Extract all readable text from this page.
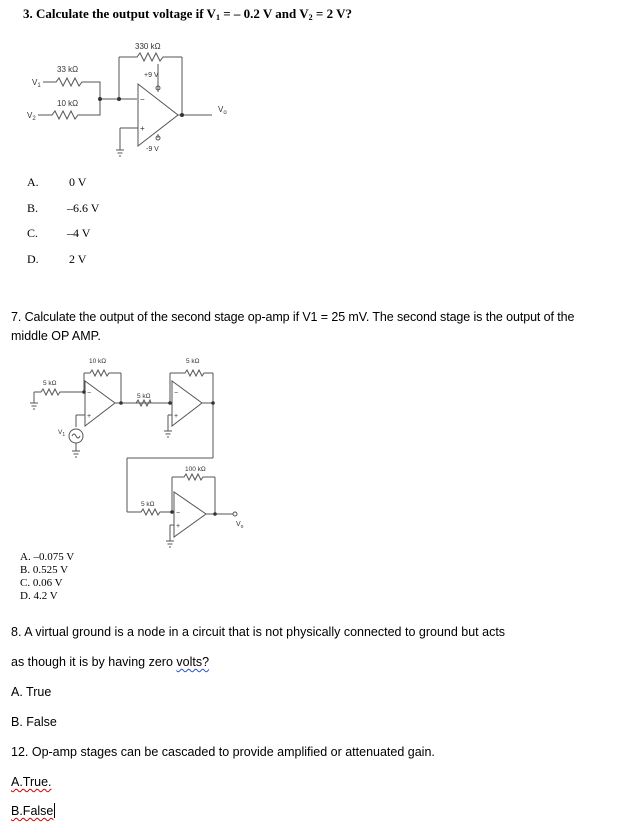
3. Calculate the output voltage if $V_1$ = – 0.2 V and $V_2 = 2$ V?
330 kΩ
33 kΩ
10 kΩ
$V_1$
$V_2$
+9 V
-9 V
$V_o$
−
+
A.	0 V
B. –6.6 V
C. –4 V
D.	2 V
7. Calculate the output of the second stage op-amp if V1 = 25 mV. The second stage is the output of the
middle OP AMP.
5 kΩ
10 kΩ
5 kΩ
5 kΩ
100 kΩ
5 kΩ
$V_1$
$V_o$
−
+
−
+
−
+
A. –0.075 V
B. 0.525 V
C. 0.06 V
D. 4.2 V
8. A virtual ground is a node in a circuit that is not physically connected to ground but acts
as though it is by having zero volts?
A. True
B. False
12. Op-amp stages can be cascaded to provide amplified or attenuated gain.
A.True.
B.False
